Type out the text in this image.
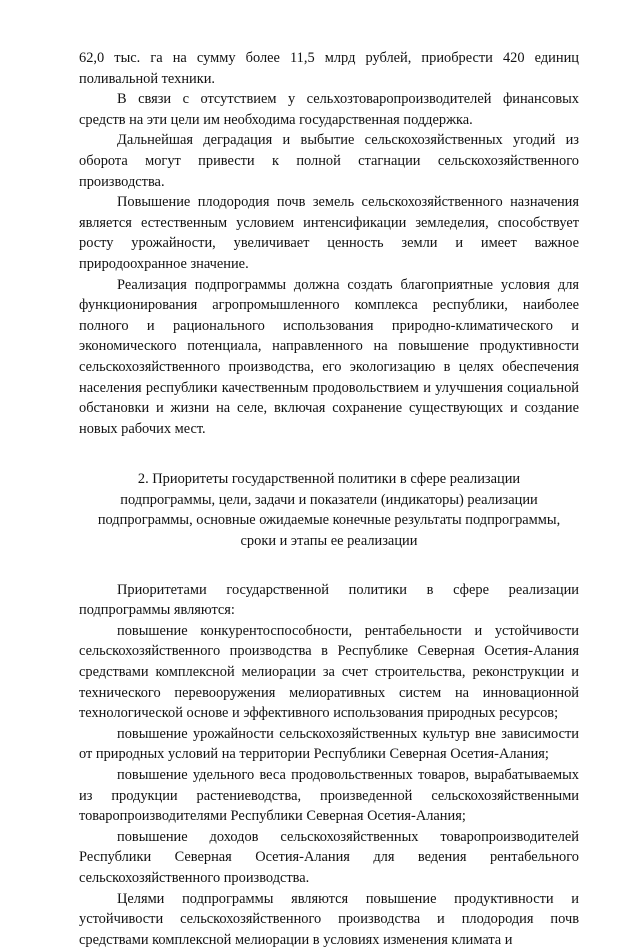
62,0 тыс. га на сумму более 11,5 млрд рублей, приобрести 420 единиц поливальной техники.

В связи с отсутствием у сельхозтоваропроизводителей финансовых средств на эти цели им необходима государственная поддержка.

Дальнейшая деградация и выбытие сельскохозяйственных угодий из оборота могут привести к полной стагнации сельскохозяйственного производства.

Повышение плодородия почв земель сельскохозяйственного назначения является естественным условием интенсификации земледелия, способствует росту урожайности, увеличивает ценность земли и имеет важное природоохранное значение.

Реализация подпрограммы должна создать благоприятные условия для функционирования агропромышленного комплекса республики, наиболее полного и рационального использования природно-климатического и экономического потенциала, направленного на повышение продуктивности сельскохозяйственного производства, его экологизацию в целях обеспечения населения республики качественным продовольствием и улучшения социальной обстановки и жизни на селе, включая сохранение существующих и создание новых рабочих мест.

2. Приоритеты государственной политики в сфере реализации подпрограммы, цели, задачи и показатели (индикаторы) реализации подпрограммы, основные ожидаемые конечные результаты подпрограммы, сроки и этапы ее реализации

Приоритетами государственной политики в сфере реализации подпрограммы являются:

повышение конкурентоспособности, рентабельности и устойчивости сельскохозяйственного производства в Республике Северная Осетия-Алания средствами комплексной мелиорации за счет строительства, реконструкции и технического перевооружения мелиоративных систем на инновационной технологической основе и эффективного использования природных ресурсов;

повышение урожайности сельскохозяйственных культур вне зависимости от природных условий на территории Республики Северная Осетия-Алания;

повышение удельного веса продовольственных товаров, вырабатываемых из продукции растениеводства, произведенной сельскохозяйственными товаропроизводителями Республики Северная Осетия-Алания;

повышение доходов сельскохозяйственных товаропроизводителей Республики Северная Осетия-Алания для ведения рентабельного сельскохозяйственного производства.

Целями подпрограммы являются повышение продуктивности и устойчивости сельскохозяйственного производства и плодородия почв средствами комплексной мелиорации в условиях изменения климата и
